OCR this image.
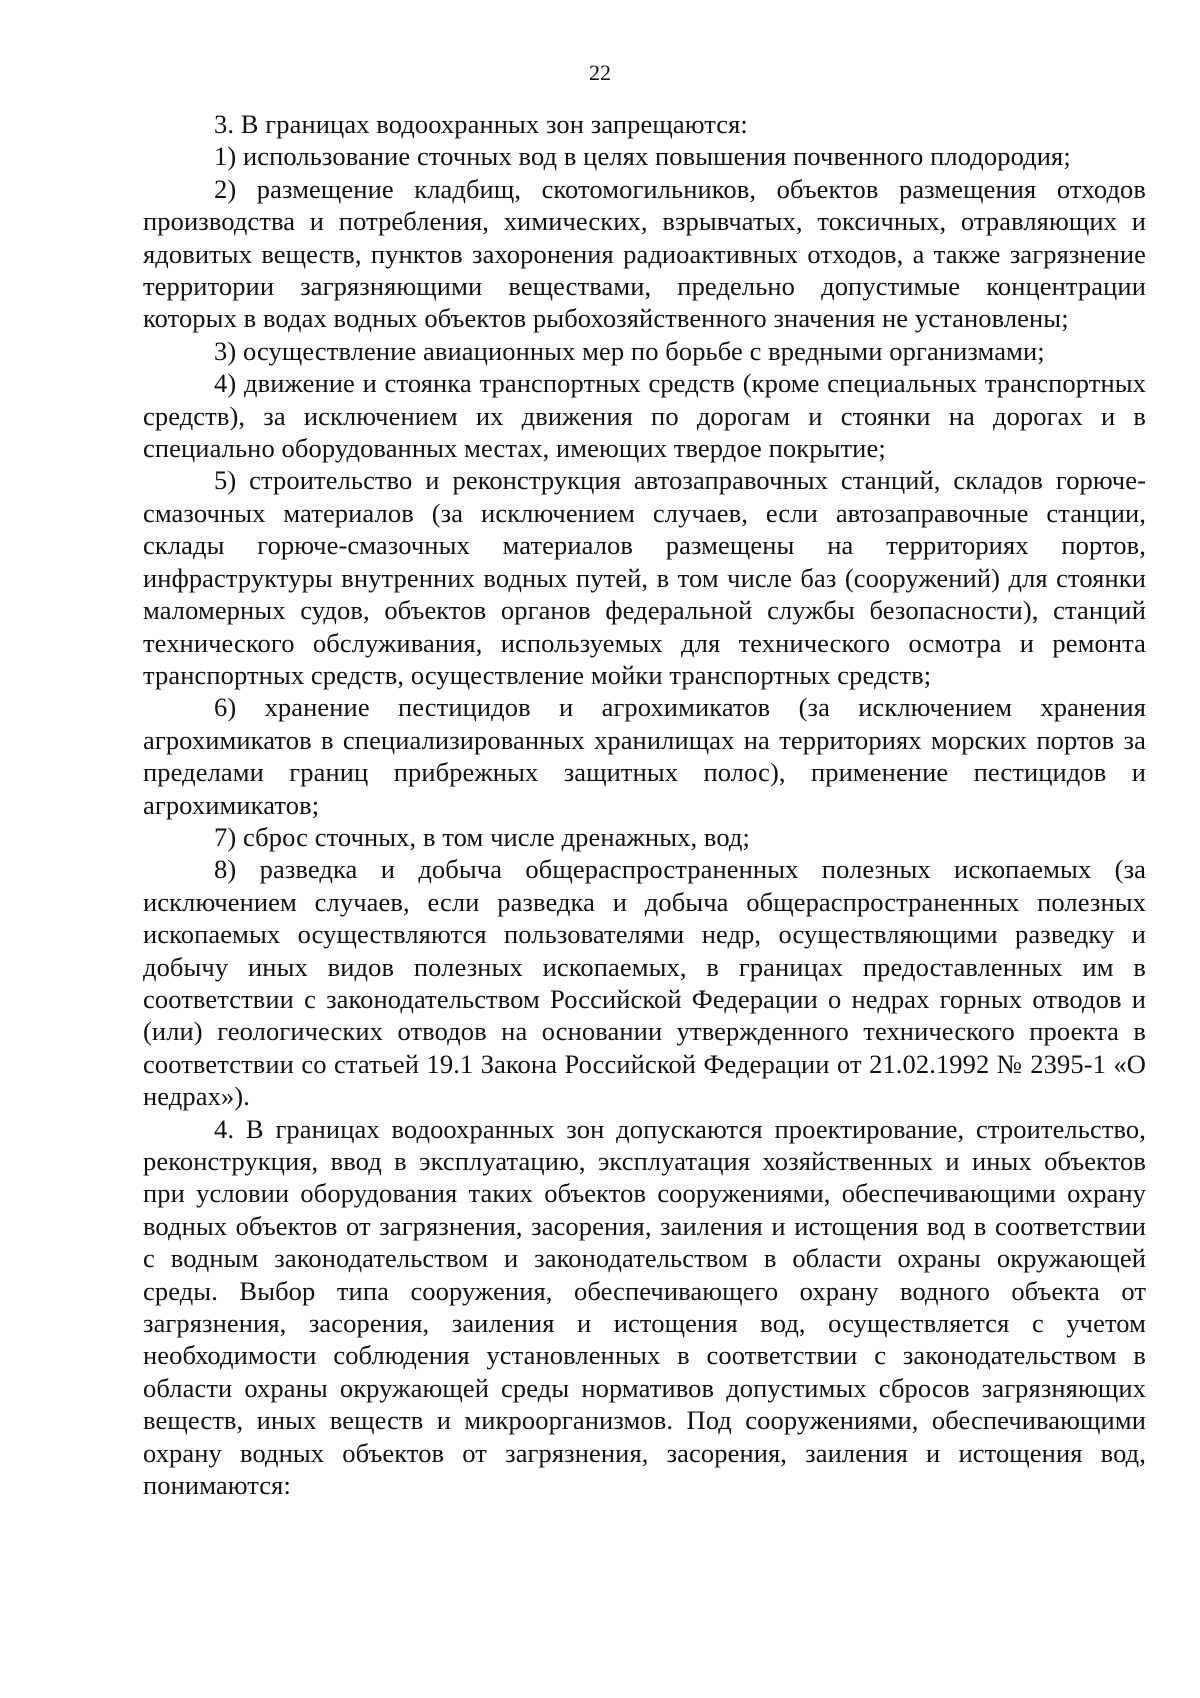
22

3. В границах водоохранных зон запрещаются:

1) использование сточных вод в целях повышения почвенного плодородия;

2) размещение кладбищ, скотомогильников, объектов размещения отходов производства и потребления, химических, взрывчатых, токсичных, отравляющих и ядовитых веществ, пунктов захоронения радиоактивных отходов, а также загрязнение территории загрязняющими веществами, предельно допустимые концентрации которых в водах водных объектов рыбохозяйственного значения не установлены;

3) осуществление авиационных мер по борьбе с вредными организмами;

4) движение и стоянка транспортных средств (кроме специальных транспортных средств), за исключением их движения по дорогам и стоянки на дорогах и в специально оборудованных местах, имеющих твердое покрытие;

5) строительство и реконструкция автозаправочных станций, складов горюче-смазочных материалов (за исключением случаев, если автозаправочные станции, склады горюче-смазочных материалов размещены на территориях портов, инфраструктуры внутренних водных путей, в том числе баз (сооружений) для стоянки маломерных судов, объектов органов федеральной службы безопасности), станций технического обслуживания, используемых для технического осмотра и ремонта транспортных средств, осуществление мойки транспортных средств;

6) хранение пестицидов и агрохимикатов (за исключением хранения агрохимикатов в специализированных хранилищах на территориях морских портов за пределами границ прибрежных защитных полос), применение пестицидов и агрохимикатов;

7) сброс сточных, в том числе дренажных, вод;

8) разведка и добыча общераспространенных полезных ископаемых (за исключением случаев, если разведка и добыча общераспространенных полезных ископаемых осуществляются пользователями недр, осуществляющими разведку и добычу иных видов полезных ископаемых, в границах предоставленных им в соответствии с законодательством Российской Федерации о недрах горных отводов и (или) геологических отводов на основании утвержденного технического проекта в соответствии со статьей 19.1 Закона Российской Федерации от 21.02.1992 № 2395-1 «О недрах»).

4. В границах водоохранных зон допускаются проектирование, строительство, реконструкция, ввод в эксплуатацию, эксплуатация хозяйственных и иных объектов при условии оборудования таких объектов сооружениями, обеспечивающими охрану водных объектов от загрязнения, засорения, заиления и истощения вод в соответствии с водным законодательством и законодательством в области охраны окружающей среды. Выбор типа сооружения, обеспечивающего охрану водного объекта от загрязнения, засорения, заиления и истощения вод, осуществляется с учетом необходимости соблюдения установленных в соответствии с законодательством в области охраны окружающей среды нормативов допустимых сбросов загрязняющих веществ, иных веществ и микроорганизмов. Под сооружениями, обеспечивающими охрану водных объектов от загрязнения, засорения, заиления и истощения вод, понимаются:
